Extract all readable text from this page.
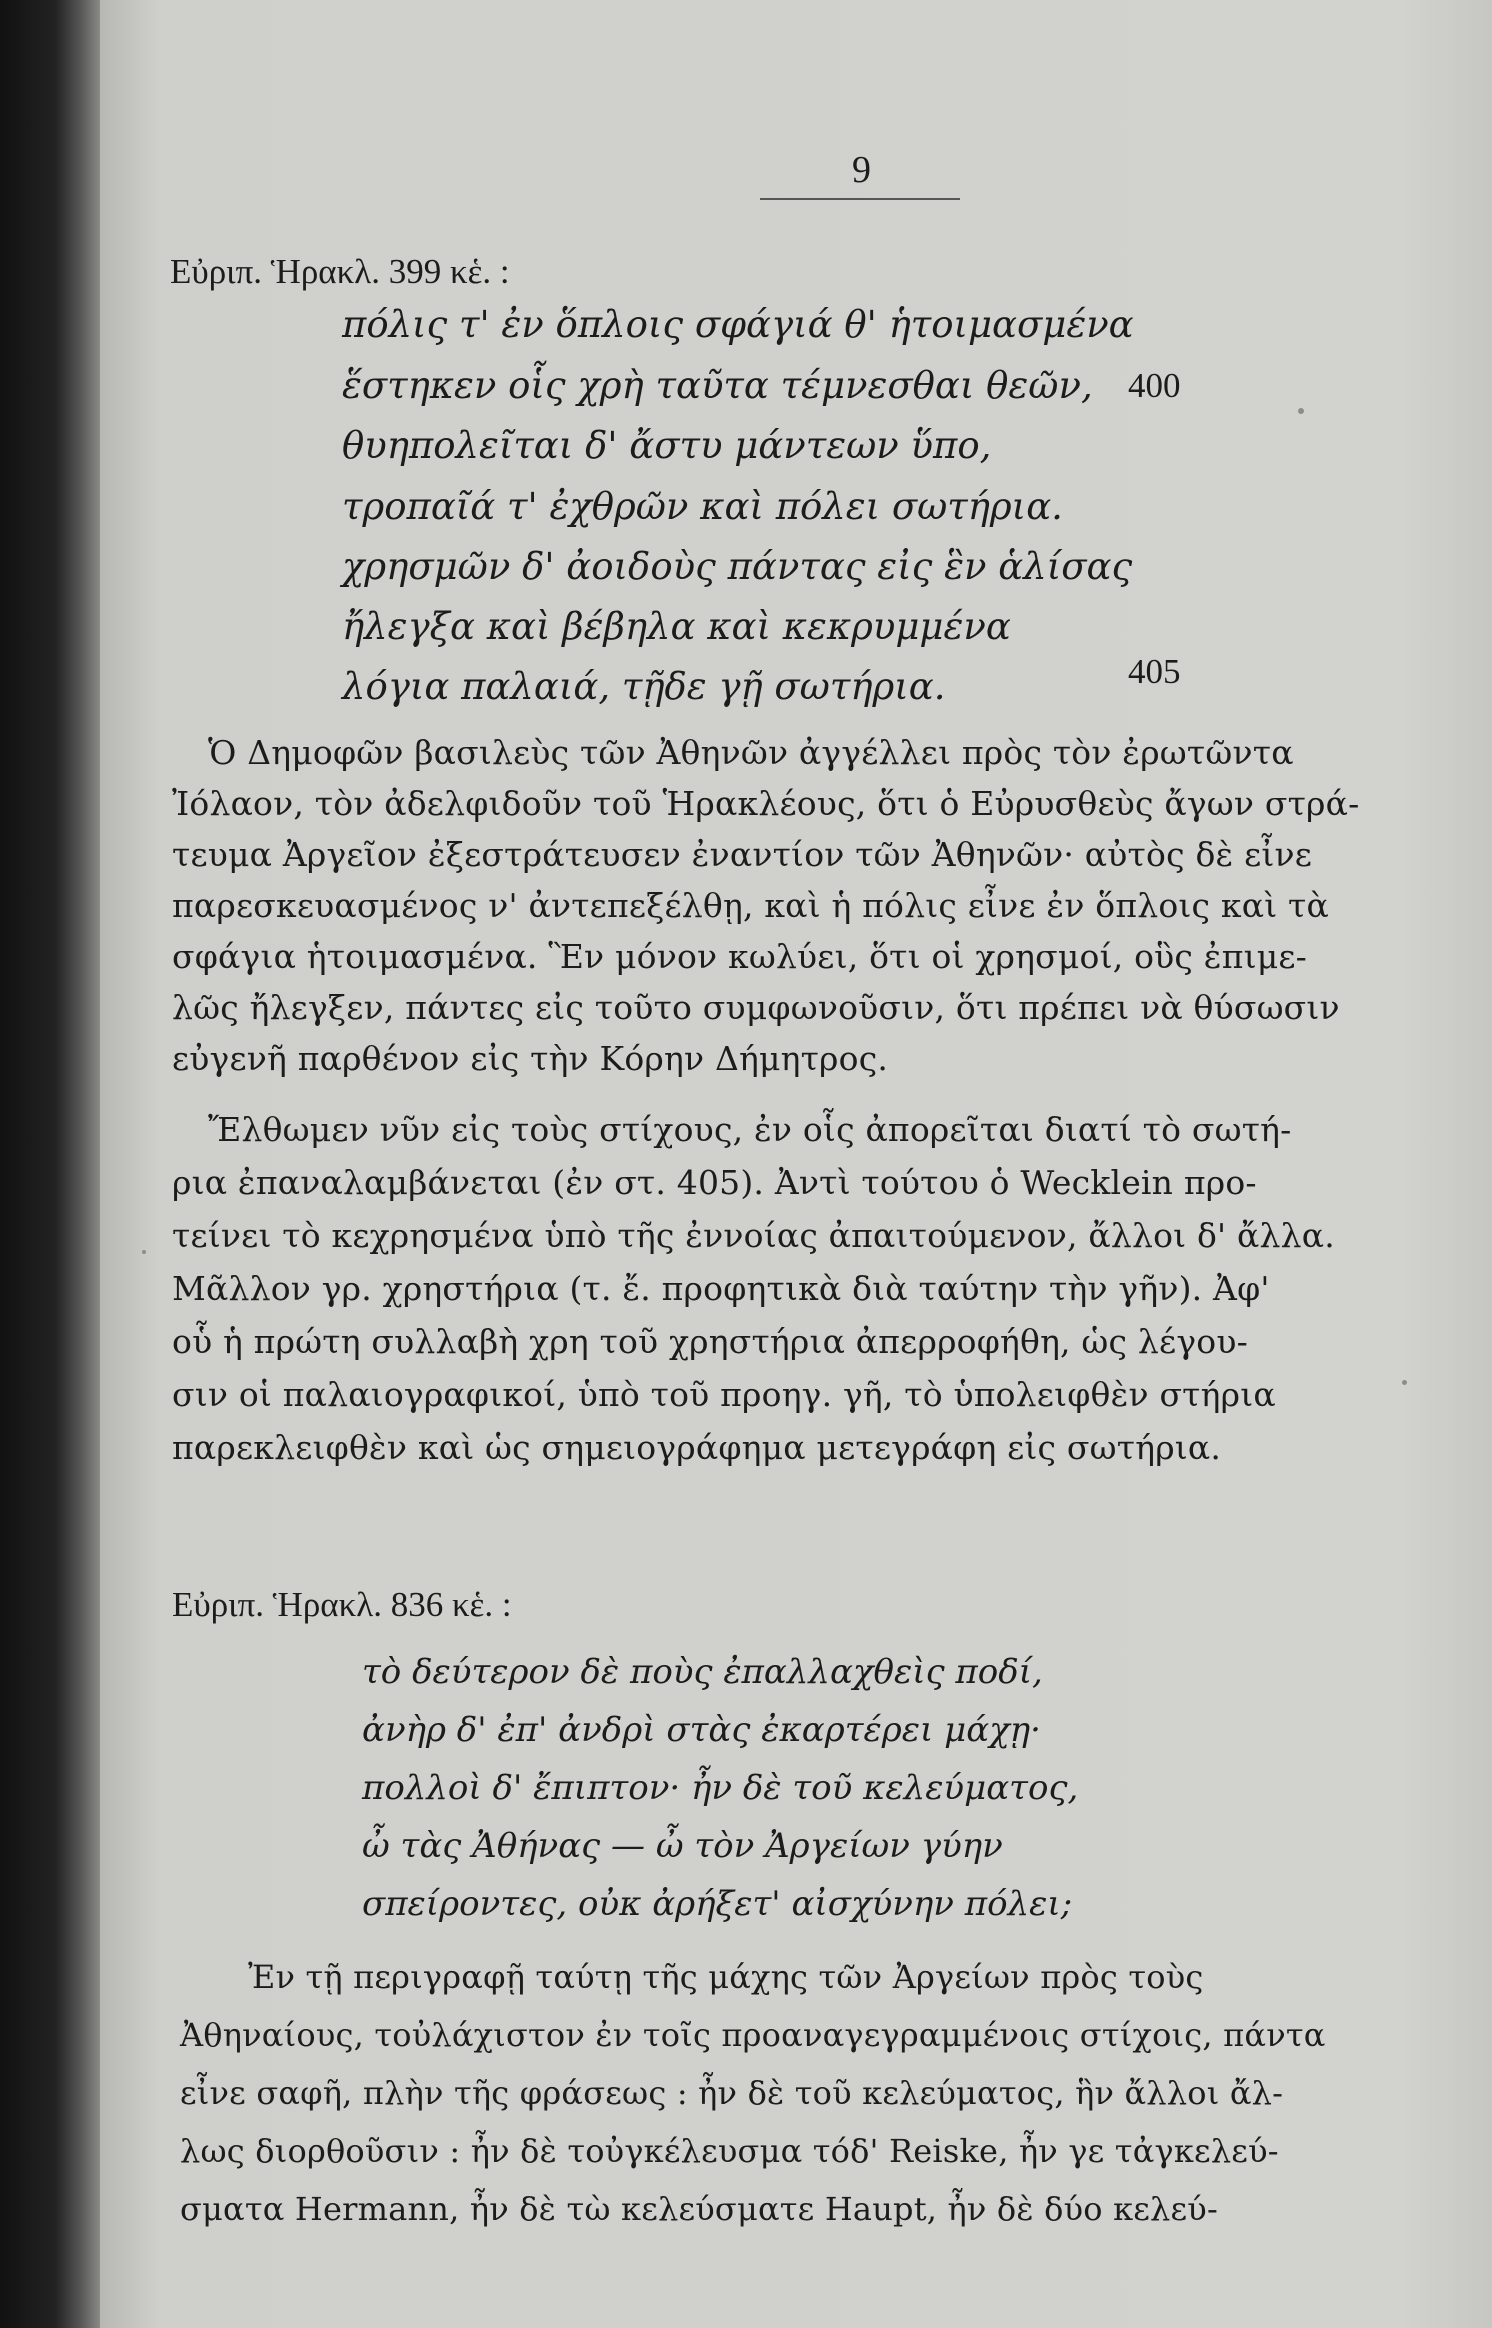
9
Εὐριπ. Ἡρακλ. 399 κἑ. :
πόλις τ' ἐν ὅπλοις σφάγιά θ' ἡτοιμασμένα
ἕστηκεν οἷς χρὴ ταῦτα τέμνεσθαι θεῶν, 400
θυηπολεῖται δ' ἄστυ μάντεων ὕπο,
τροπαῖά τ' ἐχθρῶν καὶ πόλει σωτήρια.
χρησμῶν δ' ἀοιδοὺς πάντας εἰς ἓν ἁλίσας
ἤλεγξα καὶ βέβηλα καὶ κεκρυμμένα
λόγια παλαιά, τῇδε γῇ σωτήρια.	405
Ὁ Δημοφῶν βασιλεὺς τῶν Ἀθηνῶν ἀγγέλλει πρὸς τὸν ἐρωτῶντα
Ἰόλαον, τὸν ἀδελφιδοῦν τοῦ Ἡρακλέους, ὅτι ὁ Εὐρυσθεὺς ἄγων στρά-
τευμα Ἀργεῖον ἐξεστράτευσεν ἐναντίον τῶν Ἀθηνῶν· αὐτὸς δὲ εἶνε
παρεσκευασμένος ν' ἀντεπεξέλθῃ, καὶ ἡ πόλις εἶνε ἐν ὅπλοις καὶ τὰ
σφάγια ἡτοιμασμένα. Ἓν μόνον κωλύει, ὅτι οἱ χρησμοί, οὓς ἐπιμε-
λῶς ἤλεγξεν, πάντες εἰς τοῦτο συμφωνοῦσιν, ὅτι πρέπει νὰ θύσωσιν
εὐγενῆ παρθένον εἰς τὴν Κόρην Δήμητρος.
Ἔλθωμεν νῦν εἰς τοὺς στίχους, ἐν οἷς ἀπορεῖται διατί τὸ σωτή-
ρια ἐπαναλαμβάνεται (ἐν στ. 405). Ἀντὶ τούτου ὁ Wecklein προ-
τείνει τὸ κεχρησμένα ὑπὸ τῆς ἐννοίας ἀπαιτούμενον, ἄλλοι δ' ἄλλα.
Μᾶλλον γρ. χρηστήρια (τ. ἔ. προφητικὰ διὰ ταύτην τὴν γῆν). Ἀφ'
οὗ ἡ πρώτη συλλαβὴ χρη τοῦ χρηστήρια ἀπερροφήθη, ὡς λέγου-
σιν οἱ παλαιογραφικοί, ὑπὸ τοῦ προηγ. γῆ, τὸ ὑπολειφθὲν στήρια
παρεκλειφθὲν καὶ ὡς σημειογράφημα μετεγράφη εἰς σωτήρια.
Εὐριπ. Ἡρακλ. 836 κἑ. :
τὸ δεύτερον δὲ ποὺς ἐπαλλαχθεὶς ποδί,
ἀνὴρ δ' ἐπ' ἀνδρὶ στὰς ἐκαρτέρει μάχῃ·
πολλοὶ δ' ἔπιπτον· ἦν δὲ τοῦ κελεύματος,
ὦ τὰς Ἀθήνας — ὦ τὸν Ἀργείων γύην
σπείροντες, οὐκ ἀρήξετ' αἰσχύνην πόλει;
Ἐν τῇ περιγραφῇ ταύτῃ τῆς μάχης τῶν Ἀργείων πρὸς τοὺς
Ἀθηναίους, τοὐλάχιστον ἐν τοῖς προαναγεγραμμένοις στίχοις, πάντα
εἶνε σαφῆ, πλὴν τῆς φράσεως : ἦν δὲ τοῦ κελεύματος, ἣν ἄλλοι ἄλ-
λως διορθοῦσιν : ἦν δὲ τοὐγκέλευσμα τόδ' Reiske, ἦν γε τἀγκελεύ-
σματα Hermann, ἦν δὲ τὼ κελεύσματε Haupt, ἦν δὲ δύο κελεύ-
